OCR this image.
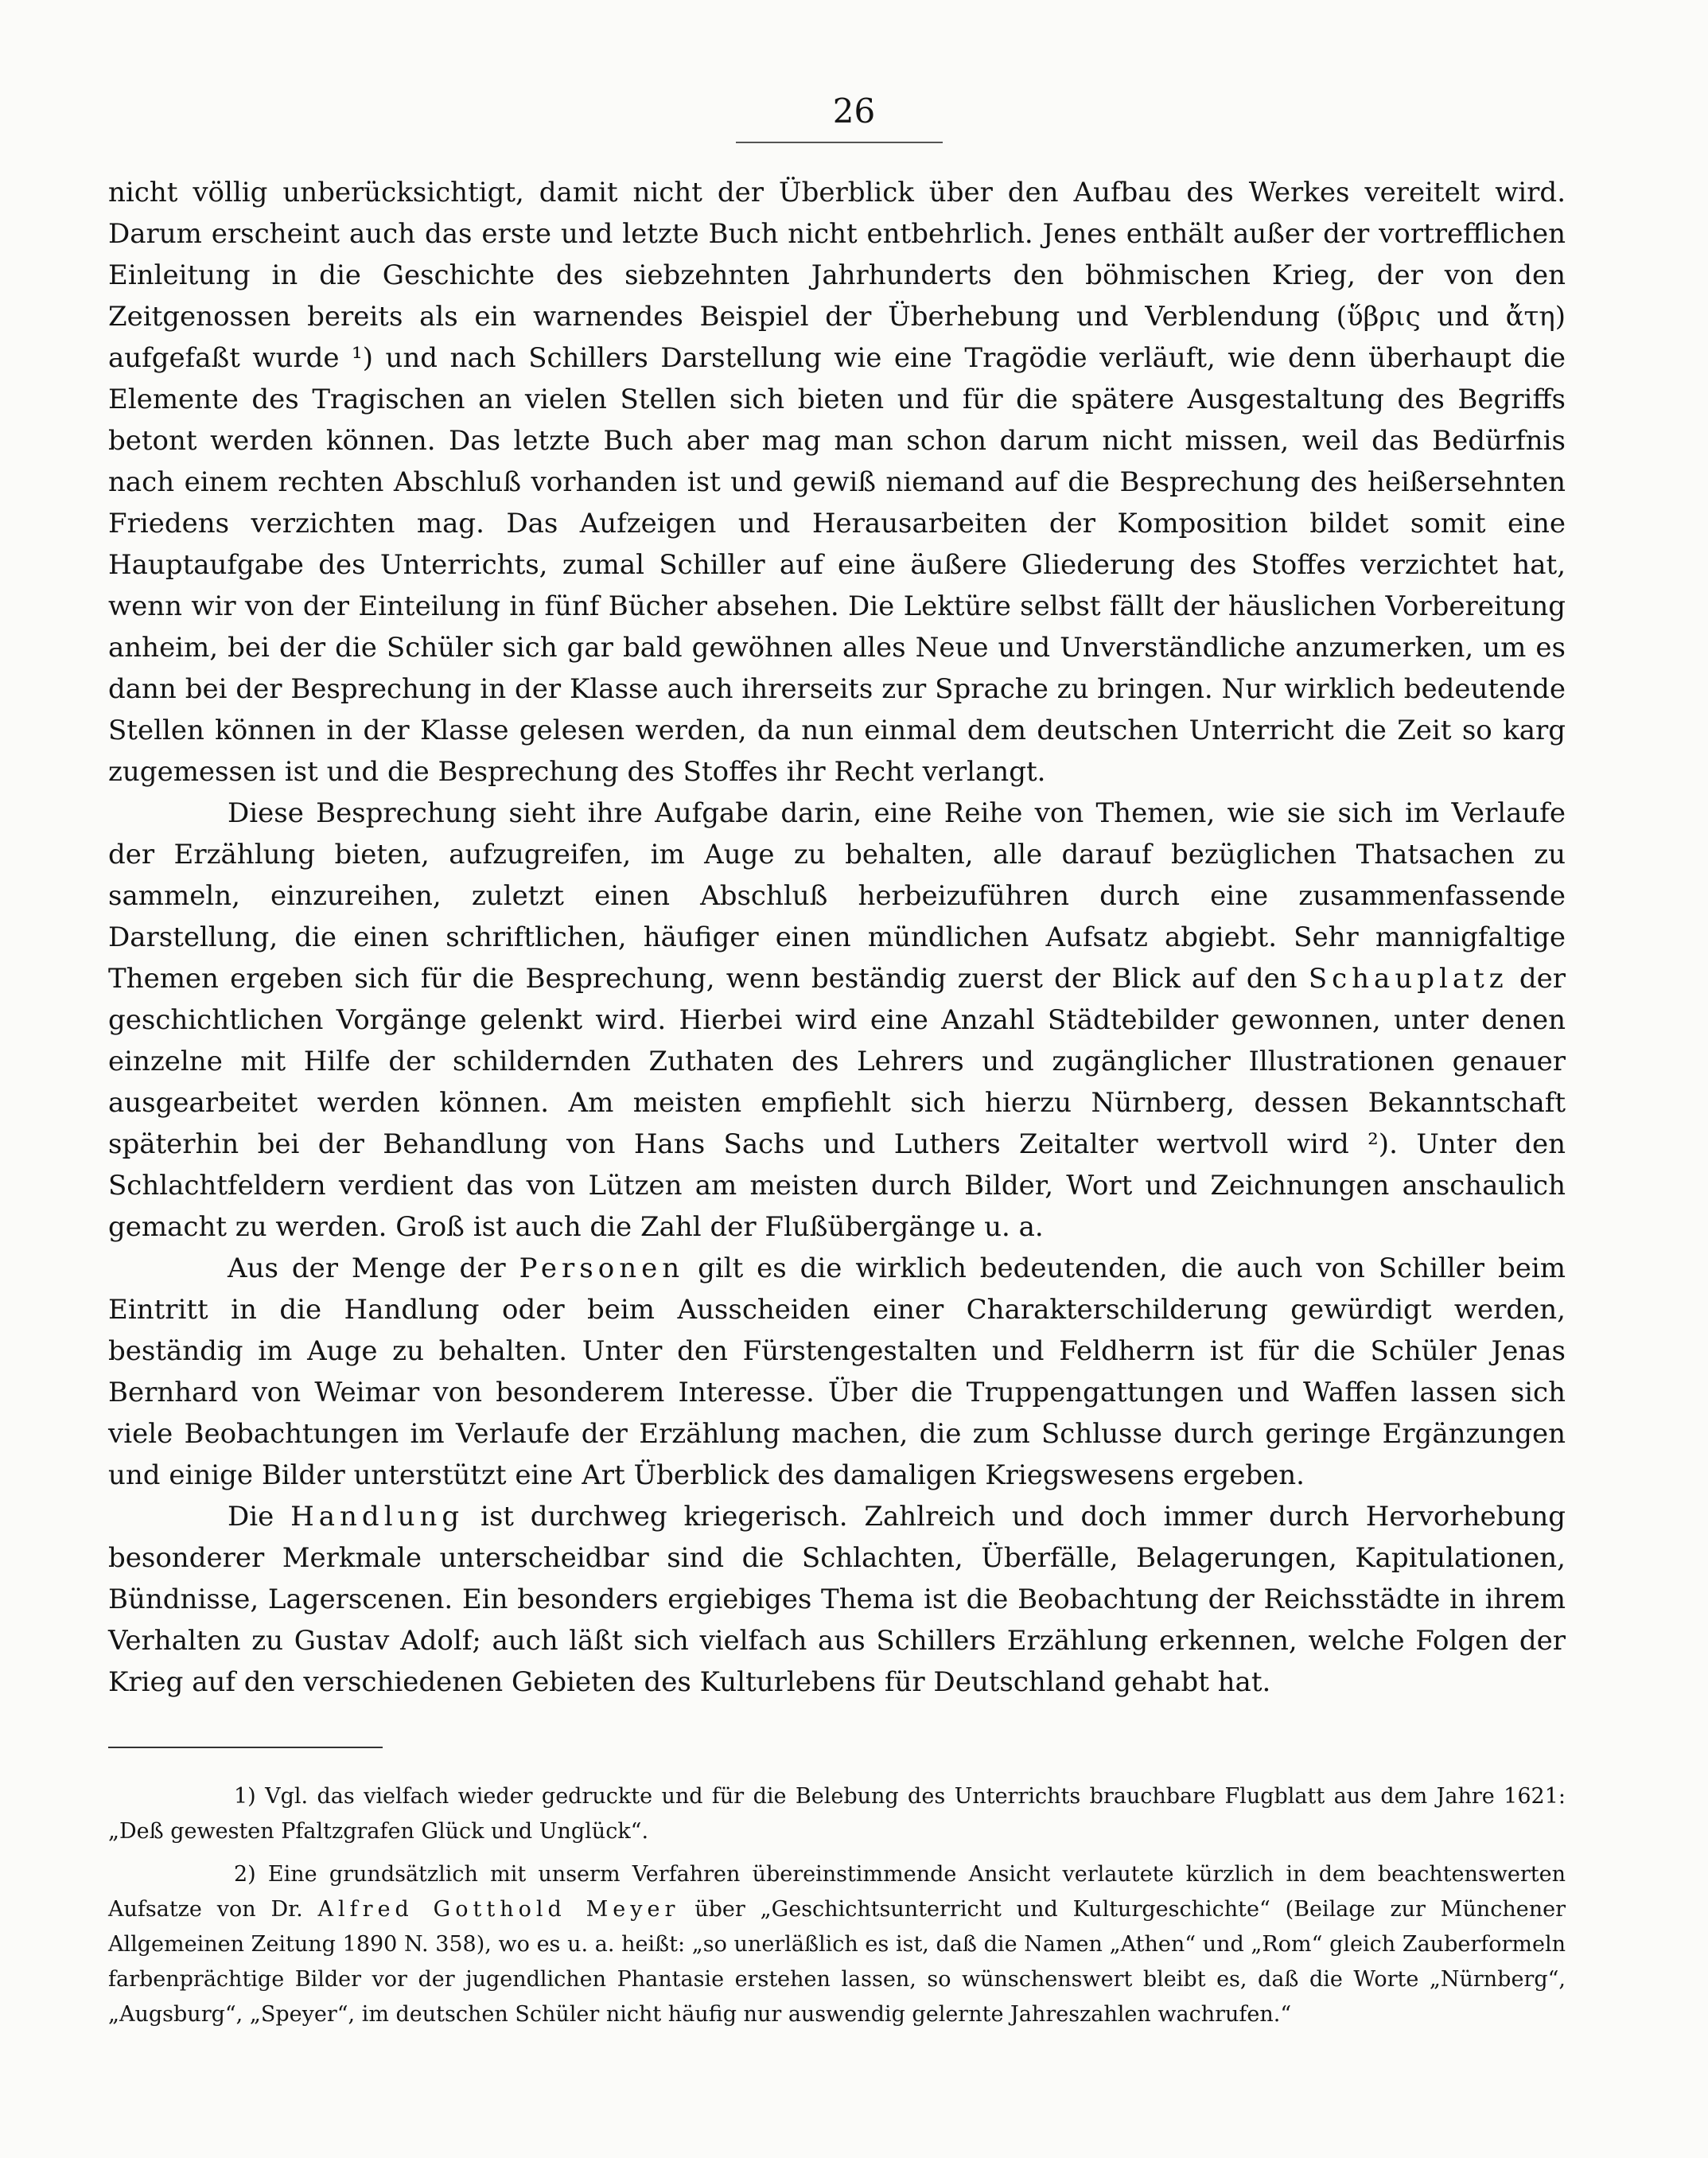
26

nicht völlig unberücksichtigt, damit nicht der Überblick über den Aufbau des Werkes vereitelt wird. Darum erscheint auch das erste und letzte Buch nicht entbehrlich. Jenes enthält außer der vortrefflichen Einleitung in die Geschichte des siebzehnten Jahrhunderts den böhmischen Krieg, der von den Zeitgenossen bereits als ein warnendes Beispiel der Überhebung und Verblendung (ὕβρις und ἄτη) aufgefaßt wurde ¹) und nach Schillers Darstellung wie eine Tragödie verläuft, wie denn überhaupt die Elemente des Tragischen an vielen Stellen sich bieten und für die spätere Ausgestaltung des Begriffs betont werden können. Das letzte Buch aber mag man schon darum nicht missen, weil das Bedürfnis nach einem rechten Abschluß vorhanden ist und gewiß niemand auf die Besprechung des heißersehnten Friedens verzichten mag. Das Aufzeigen und Herausarbeiten der Komposition bildet somit eine Hauptaufgabe des Unterrichts, zumal Schiller auf eine äußere Gliederung des Stoffes verzichtet hat, wenn wir von der Einteilung in fünf Bücher absehen. Die Lektüre selbst fällt der häuslichen Vorbereitung anheim, bei der die Schüler sich gar bald gewöhnen alles Neue und Unverständliche anzumerken, um es dann bei der Besprechung in der Klasse auch ihrerseits zur Sprache zu bringen. Nur wirklich bedeutende Stellen können in der Klasse gelesen werden, da nun einmal dem deutschen Unterricht die Zeit so karg zugemessen ist und die Besprechung des Stoffes ihr Recht verlangt.

Diese Besprechung sieht ihre Aufgabe darin, eine Reihe von Themen, wie sie sich im Verlaufe der Erzählung bieten, aufzugreifen, im Auge zu behalten, alle darauf bezüglichen Thatsachen zu sammeln, einzureihen, zuletzt einen Abschluß herbeizuführen durch eine zusammenfassende Darstellung, die einen schriftlichen, häufiger einen mündlichen Aufsatz abgiebt. Sehr mannigfaltige Themen ergeben sich für die Besprechung, wenn beständig zuerst der Blick auf den Schauplatz der geschichtlichen Vorgänge gelenkt wird. Hierbei wird eine Anzahl Städtebilder gewonnen, unter denen einzelne mit Hilfe der schildernden Zuthaten des Lehrers und zugänglicher Illustrationen genauer ausgearbeitet werden können. Am meisten empfiehlt sich hierzu Nürnberg, dessen Bekanntschaft späterhin bei der Behandlung von Hans Sachs und Luthers Zeitalter wertvoll wird ²). Unter den Schlachtfeldern verdient das von Lützen am meisten durch Bilder, Wort und Zeichnungen anschaulich gemacht zu werden. Groß ist auch die Zahl der Flußübergänge u. a.

Aus der Menge der Personen gilt es die wirklich bedeutenden, die auch von Schiller beim Eintritt in die Handlung oder beim Ausscheiden einer Charakterschilderung gewürdigt werden, beständig im Auge zu behalten. Unter den Fürstengestalten und Feldherrn ist für die Schüler Jenas Bernhard von Weimar von besonderem Interesse. Über die Truppengattungen und Waffen lassen sich viele Beobachtungen im Verlaufe der Erzählung machen, die zum Schlusse durch geringe Ergänzungen und einige Bilder unterstützt eine Art Überblick des damaligen Kriegswesens ergeben.

Die Handlung ist durchweg kriegerisch. Zahlreich und doch immer durch Hervorhebung besonderer Merkmale unterscheidbar sind die Schlachten, Überfälle, Belagerungen, Kapitulationen, Bündnisse, Lagerscenen. Ein besonders ergiebiges Thema ist die Beobachtung der Reichsstädte in ihrem Verhalten zu Gustav Adolf; auch läßt sich vielfach aus Schillers Erzählung erkennen, welche Folgen der Krieg auf den verschiedenen Gebieten des Kulturlebens für Deutschland gehabt hat.

1) Vgl. das vielfach wieder gedruckte und für die Belebung des Unterrichts brauchbare Flugblatt aus dem Jahre 1621: „Deß gewesten Pfaltzgrafen Glück und Unglück“.

2) Eine grundsätzlich mit unserm Verfahren übereinstimmende Ansicht verlautete kürzlich in dem beachtenswerten Aufsatze von Dr. Alfred Gotthold Meyer über „Geschichtsunterricht und Kulturgeschichte“ (Beilage zur Münchener Allgemeinen Zeitung 1890 N. 358), wo es u. a. heißt: „so unerläßlich es ist, daß die Namen „Athen“ und „Rom“ gleich Zauberformeln farbenprächtige Bilder vor der jugendlichen Phantasie erstehen lassen, so wünschenswert bleibt es, daß die Worte „Nürnberg“, „Augsburg“, „Speyer“, im deutschen Schüler nicht häufig nur auswendig gelernte Jahreszahlen wachrufen.“
